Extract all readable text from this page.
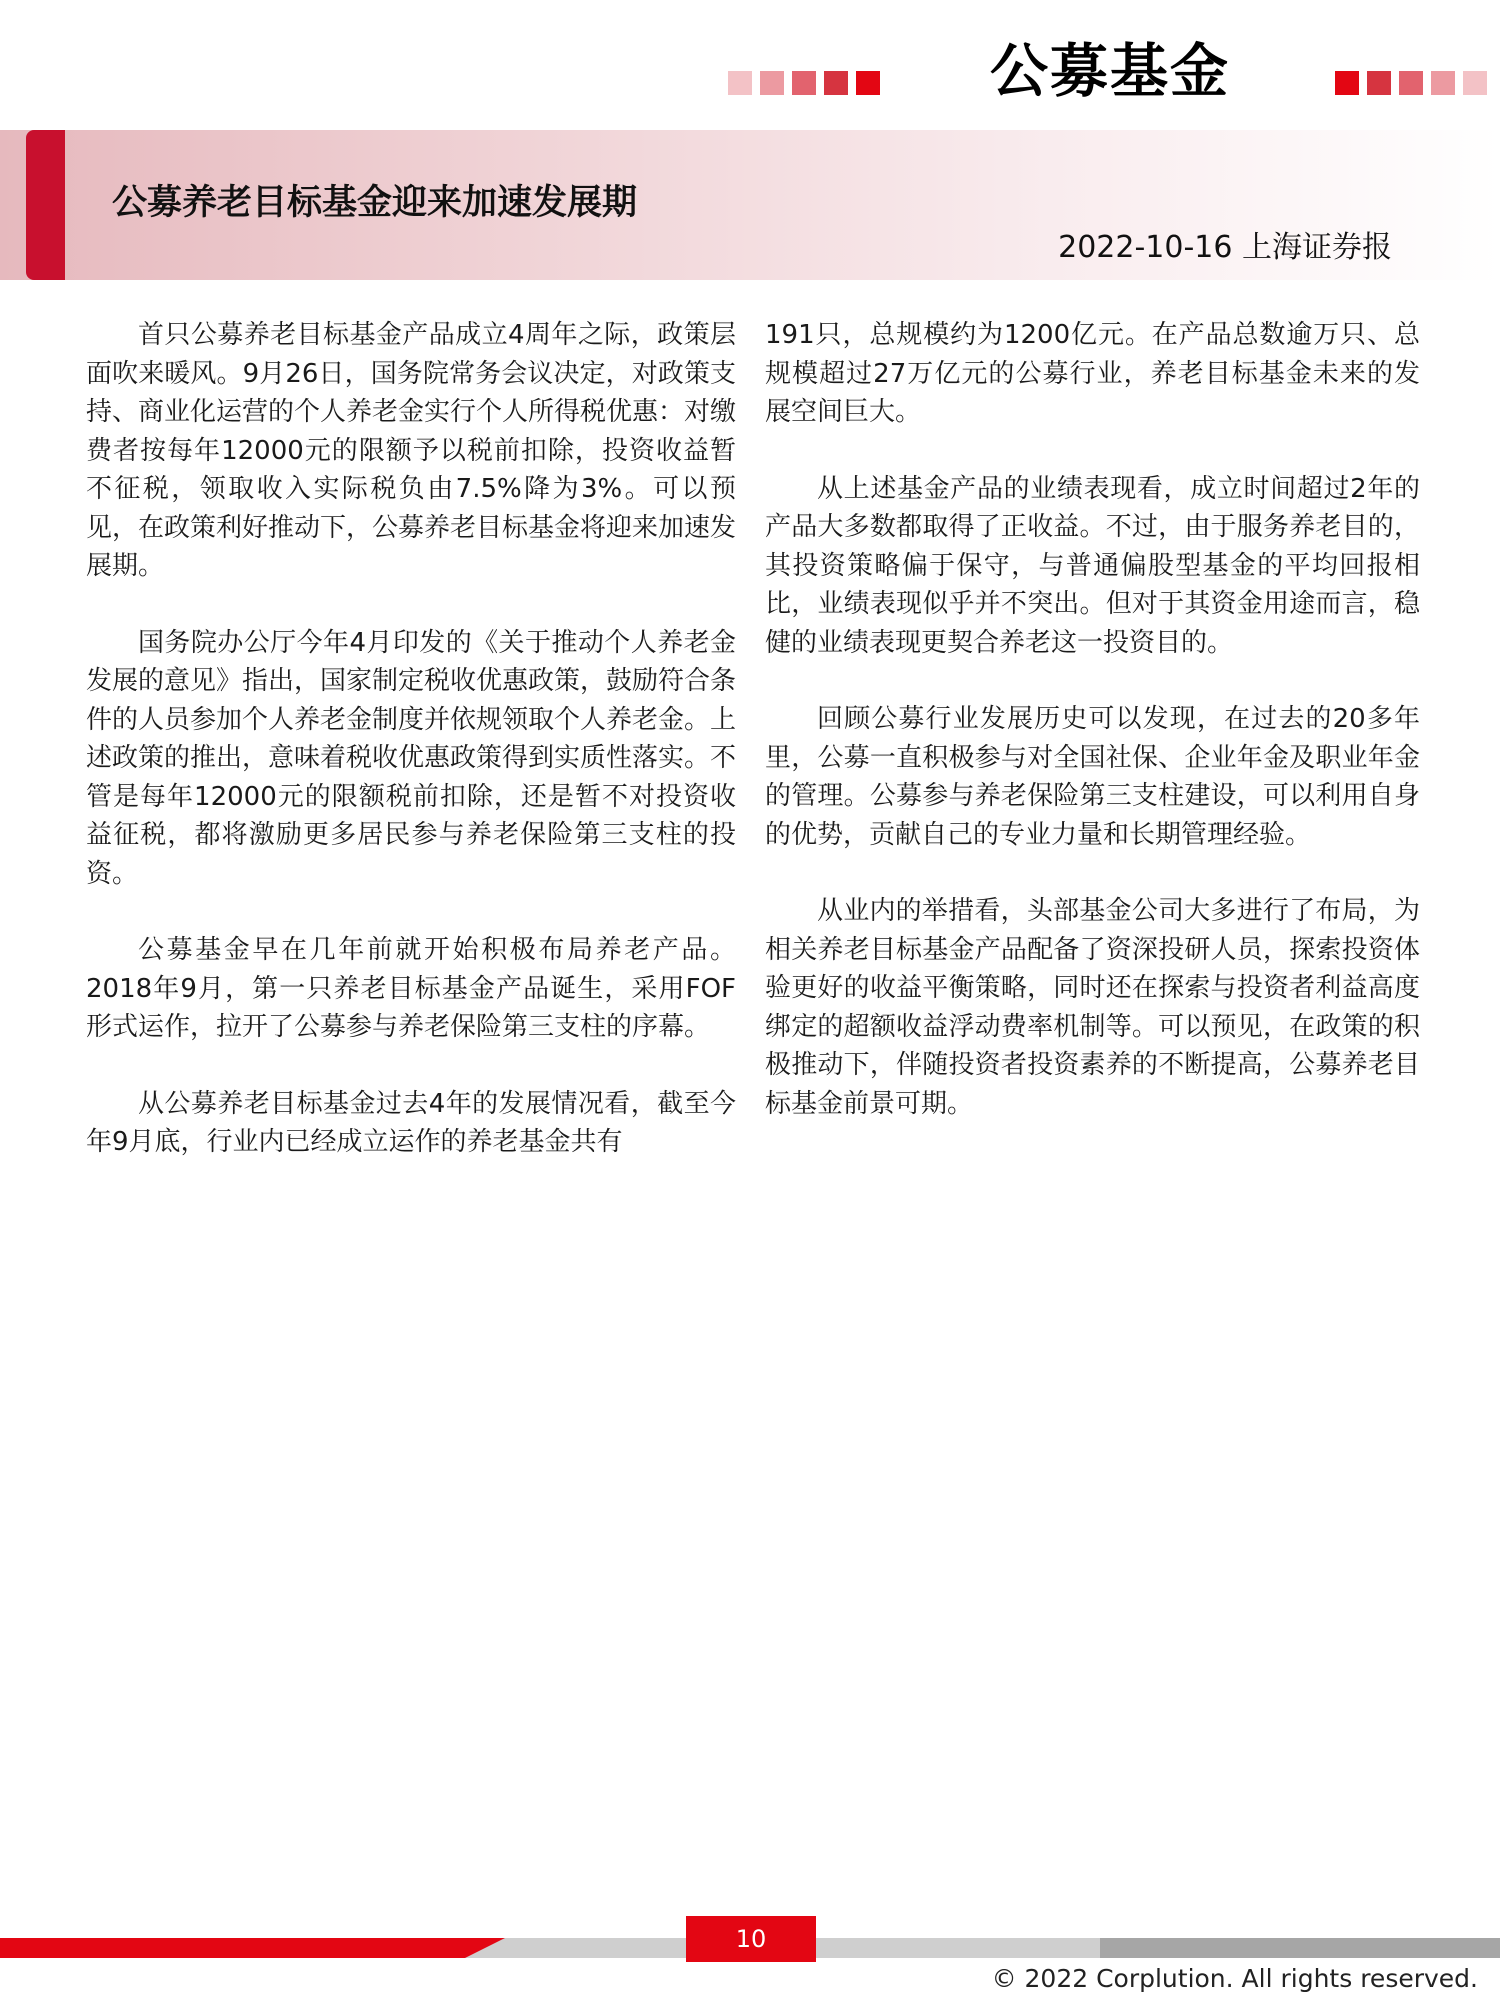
公募基金
公募养老目标基金迎来加速发展期
2022-10-16 上海证券报

首只公募养老目标基金产品成立4周年之际，政策层面吹来暖风。9月26日，国务院常务会议决定，对政策支持、商业化运营的个人养老金实行个人所得税优惠：对缴费者按每年12000元的限额予以税前扣除，投资收益暂不征税，领取收入实际税负由7.5%降为3%。可以预见，在政策利好推动下，公募养老目标基金将迎来加速发展期。

国务院办公厅今年4月印发的《关于推动个人养老金发展的意见》指出，国家制定税收优惠政策，鼓励符合条件的人员参加个人养老金制度并依规领取个人养老金。上述政策的推出，意味着税收优惠政策得到实质性落实。不管是每年12000元的限额税前扣除，还是暂不对投资收益征税，都将激励更多居民参与养老保险第三支柱的投资。

公募基金早在几年前就开始积极布局养老产品。2018年9月，第一只养老目标基金产品诞生，采用FOF形式运作，拉开了公募参与养老保险第三支柱的序幕。

从公募养老目标基金过去4年的发展情况看，截至今年9月底，行业内已经成立运作的养老基金共有

191只，总规模约为1200亿元。在产品总数逾万只、总规模超过27万亿元的公募行业，养老目标基金未来的发展空间巨大。

从上述基金产品的业绩表现看，成立时间超过2年的产品大多数都取得了正收益。不过，由于服务养老目的，其投资策略偏于保守，与普通偏股型基金的平均回报相比，业绩表现似乎并不突出。但对于其资金用途而言，稳健的业绩表现更契合养老这一投资目的。

回顾公募行业发展历史可以发现，在过去的20多年里，公募一直积极参与对全国社保、企业年金及职业年金的管理。公募参与养老保险第三支柱建设，可以利用自身的优势，贡献自己的专业力量和长期管理经验。

从业内的举措看，头部基金公司大多进行了布局，为相关养老目标基金产品配备了资深投研人员，探索投资体验更好的收益平衡策略，同时还在探索与投资者利益高度绑定的超额收益浮动费率机制等。可以预见，在政策的积极推动下，伴随投资者投资素养的不断提高，公募养老目标基金前景可期。

10
© 2022 Corplution. All rights reserved.
